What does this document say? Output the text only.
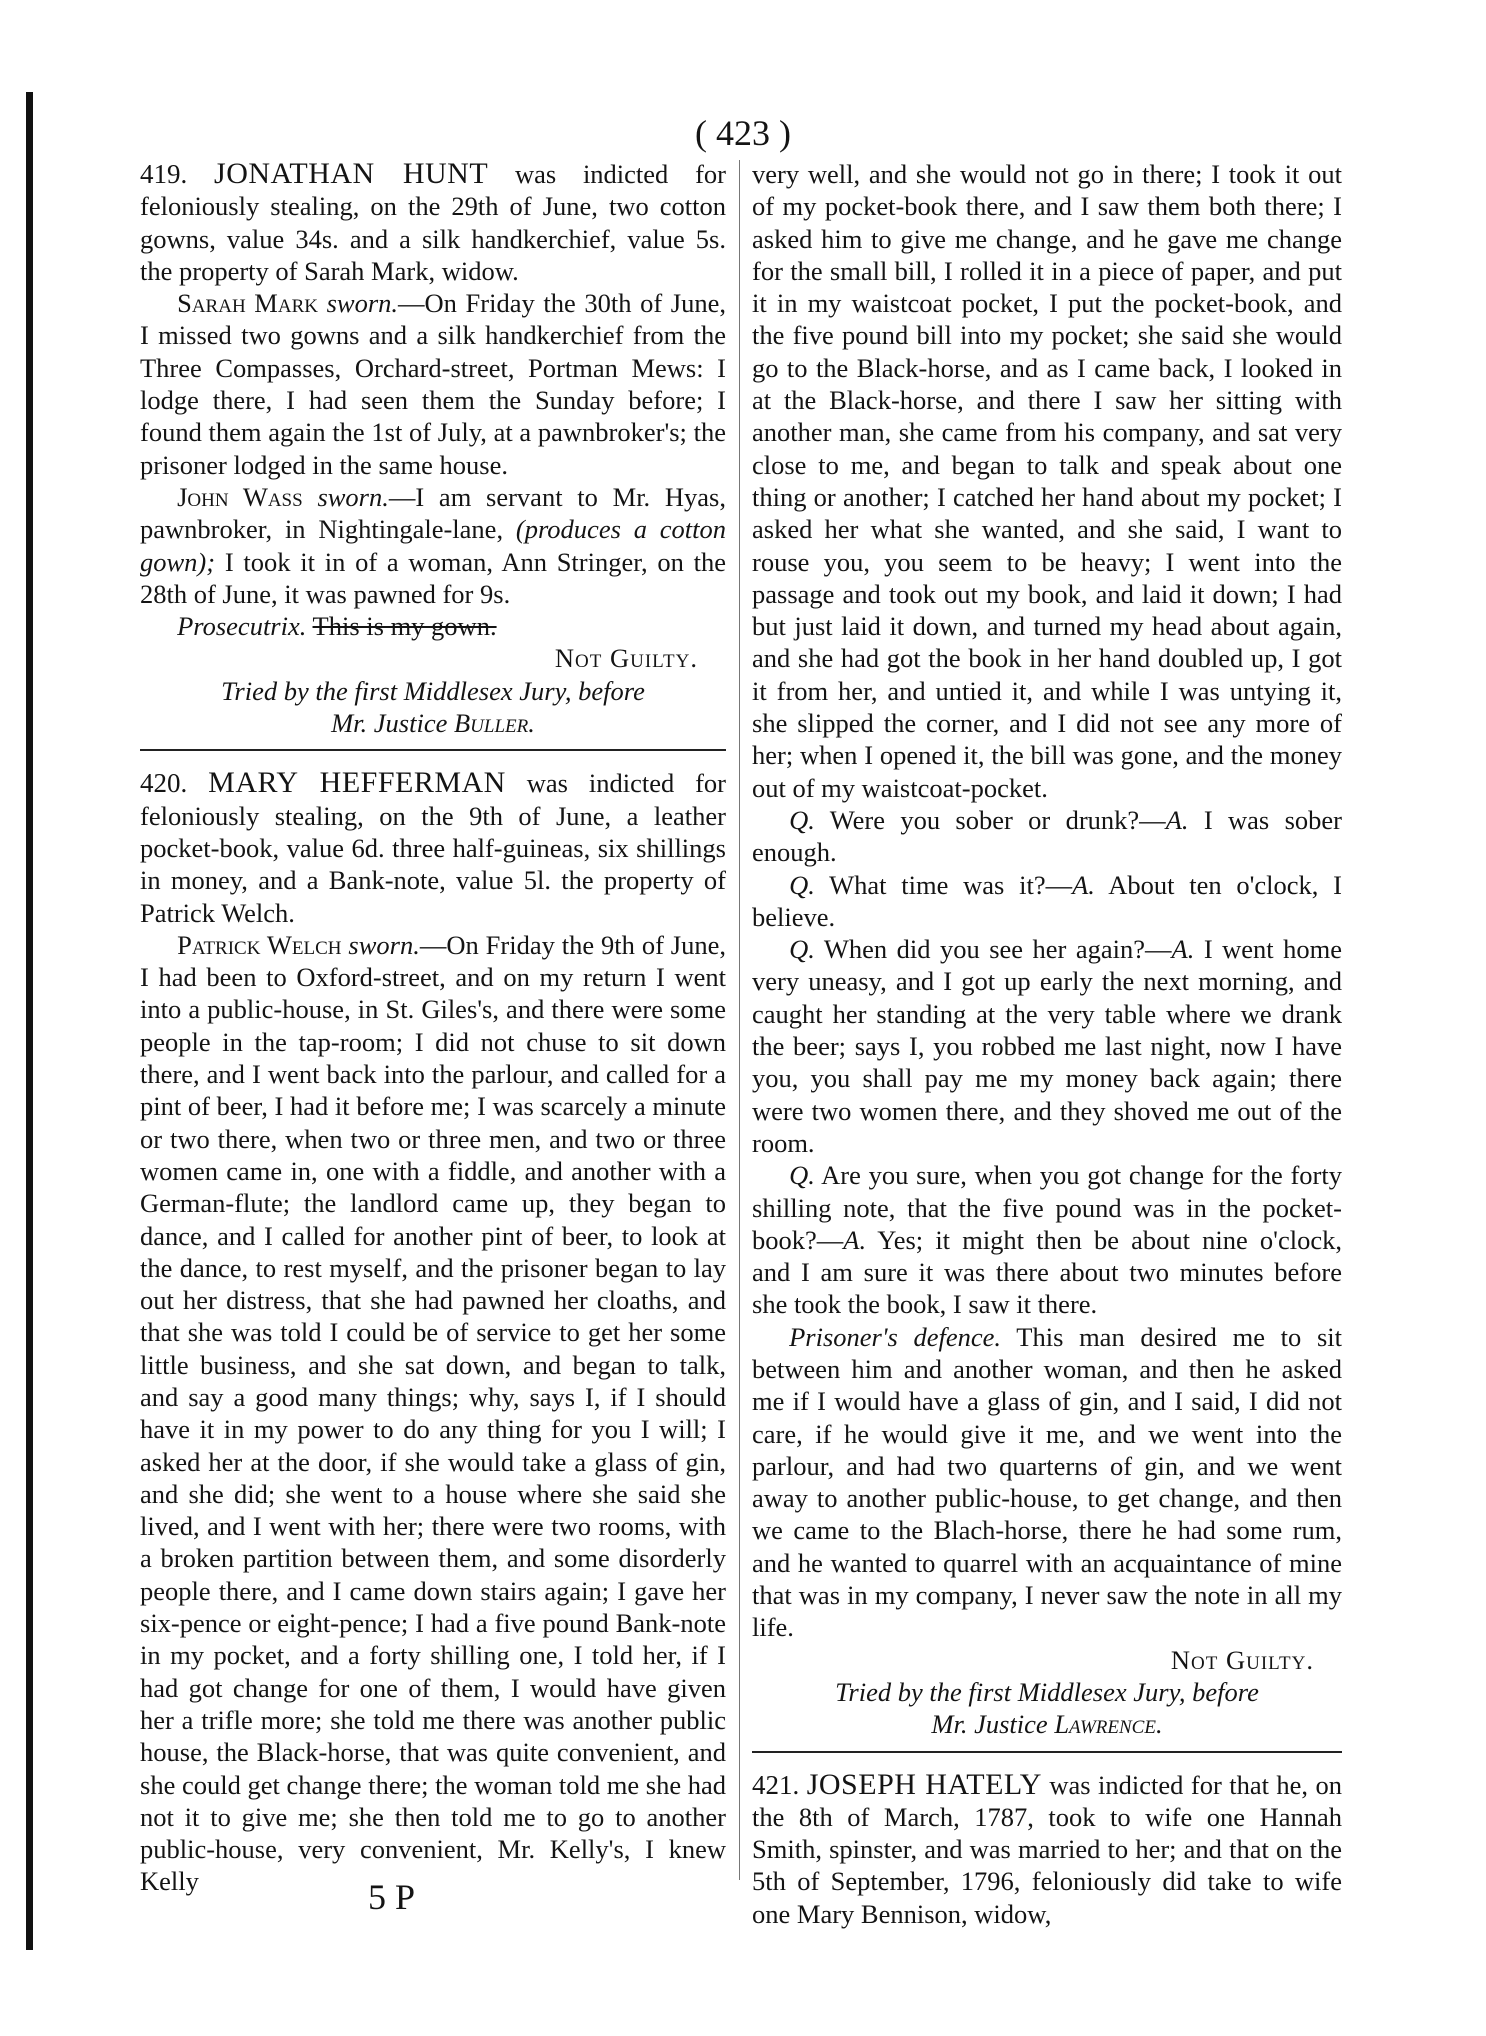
( 423 )

419. JONATHAN HUNT was indicted for feloniously stealing, on the 29th of June, two cotton gowns, value 34s. and a silk handkerchief, value 5s. the property of Sarah Mark, widow.

Sarah Mark sworn.—On Friday the 30th of June, I missed two gowns and a silk handkerchief from the Three Compasses, Orchard-street, Portman Mews: I lodge there, I had seen them the Sunday before; I found them again the 1st of July, at a pawnbroker's; the prisoner lodged in the same house.

John Wass sworn.—I am servant to Mr. Hyas, pawnbroker, in Nightingale-lane, (produces a cotton gown); I took it in of a woman, Ann Stringer, on the 28th of June, it was pawned for 9s.

Prosecutrix. This is my gown.

Not Guilty.

Tried by the first Middlesex Jury, before

Mr. Justice Buller.

420. MARY HEFFERMAN was indicted for feloniously stealing, on the 9th of June, a leather pocket-book, value 6d. three half-guineas, six shillings in money, and a Bank-note, value 5l. the property of Patrick Welch.

Patrick Welch sworn.—On Friday the 9th of June, I had been to Oxford-street, and on my return I went into a public-house, in St. Giles's, and there were some people in the tap-room; I did not chuse to sit down there, and I went back into the parlour, and called for a pint of beer, I had it before me; I was scarcely a minute or two there, when two or three men, and two or three women came in, one with a fiddle, and another with a German-flute; the landlord came up, they began to dance, and I called for another pint of beer, to look at the dance, to rest myself, and the prisoner began to lay out her distress, that she had pawned her cloaths, and that she was told I could be of service to get her some little business, and she sat down, and began to talk, and say a good many things; why, says I, if I should have it in my power to do any thing for you I will; I asked her at the door, if she would take a glass of gin, and she did; she went to a house where she said she lived, and I went with her; there were two rooms, with a broken partition between them, and some disorderly people there, and I came down stairs again; I gave her six-pence or eight-pence; I had a five pound Bank-note in my pocket, and a forty shilling one, I told her, if I had got change for one of them, I would have given her a trifle more; she told me there was another public house, the Black-horse, that was quite convenient, and she could get change there; the woman told me she had not it to give me; she then told me to go to another public-house, very convenient, Mr. Kelly's, I knew Kelly

very well, and she would not go in there; I took it out of my pocket-book there, and I saw them both there; I asked him to give me change, and he gave me change for the small bill, I rolled it in a piece of paper, and put it in my waistcoat pocket, I put the pocket-book, and the five pound bill into my pocket; she said she would go to the Black-horse, and as I came back, I looked in at the Black-horse, and there I saw her sitting with another man, she came from his company, and sat very close to me, and began to talk and speak about one thing or another; I catched her hand about my pocket; I asked her what she wanted, and she said, I want to rouse you, you seem to be heavy; I went into the passage and took out my book, and laid it down; I had but just laid it down, and turned my head about again, and she had got the book in her hand doubled up, I got it from her, and untied it, and while I was untying it, she slipped the corner, and I did not see any more of her; when I opened it, the bill was gone, and the money out of my waistcoat-pocket.

Q. Were you sober or drunk?—A. I was sober enough.

Q. What time was it?—A. About ten o'clock, I believe.

Q. When did you see her again?—A. I went home very uneasy, and I got up early the next morning, and caught her standing at the very table where we drank the beer; says I, you robbed me last night, now I have you, you shall pay me my money back again; there were two women there, and they shoved me out of the room.

Q. Are you sure, when you got change for the forty shilling note, that the five pound was in the pocket-book?—A. Yes; it might then be about nine o'clock, and I am sure it was there about two minutes before she took the book, I saw it there.

Prisoner's defence. This man desired me to sit between him and another woman, and then he asked me if I would have a glass of gin, and I said, I did not care, if he would give it me, and we went into the parlour, and had two quarterns of gin, and we went away to another public-house, to get change, and then we came to the Blach-horse, there he had some rum, and he wanted to quarrel with an acquaintance of mine that was in my company, I never saw the note in all my life.

Not Guilty.

Tried by the first Middlesex Jury, before

Mr. Justice Lawrence.

421. JOSEPH HATELY was indicted for that he, on the 8th of March, 1787, took to wife one Hannah Smith, spinster, and was married to her; and that on the 5th of September, 1796, feloniously did take to wife one Mary Bennison, widow,

5 P
